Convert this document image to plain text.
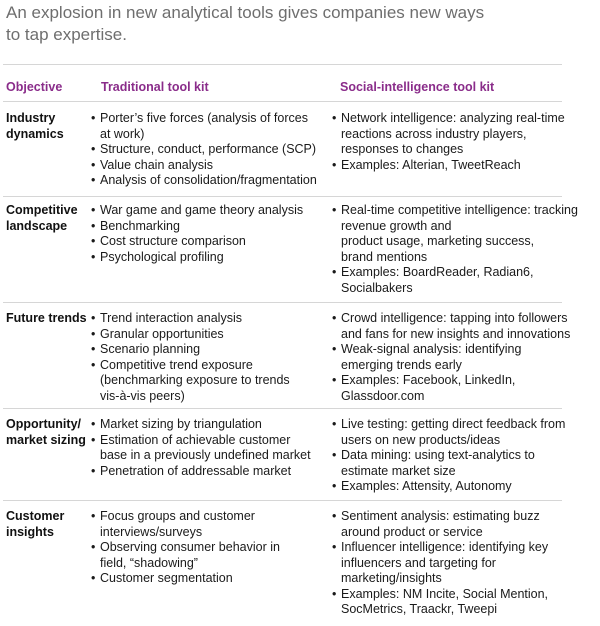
An explosion in new analytical tools gives companies new ways
to tap expertise.
Objective	Traditional tool kit	Social-intelligence tool kit
Industry
dynamics
• Porter’s five forces (analysis of forces
at work)
• Structure, conduct, performance (SCP)
• Value chain analysis
• Analysis of consolidation/fragmentation
• Network intelligence: analyzing real-time
reactions across industry players,
responses to changes
• Examples: Alterian, TweetReach
Competitive
landscape
• War game and game theory analysis
• Benchmarking
• Cost structure comparison
• Psychological profiling
• Real-time competitive intelligence: tracking
revenue growth and
product usage, marketing success,
brand mentions
• Examples: BoardReader, Radian6,
Socialbakers
Future trends
•	Trend interaction analysis
• Granular opportunities
• Scenario planning
• Competitive trend exposure
(benchmarking exposure to trends
vis-à-vis peers)
• Crowd intelligence: tapping into followers
and fans for new insights and innovations
• Weak-signal analysis: identifying
emerging trends early
• Examples: Facebook, LinkedIn,
Glassdoor.com
Opportunity/
market sizing
• Market sizing by triangulation
• Estimation of achievable customer
base in a previously undefined market
• Penetration of addressable market
• Live testing: getting direct feedback from
users on new products/ideas
• Data mining: using text-analytics to
estimate market size
• Examples: Attensity, Autonomy
Customer
insights
• Focus groups and customer
interviews/surveys
• Observing consumer behavior in
field, “shadowing”
• Customer segmentation
• Sentiment analysis: estimating buzz
around product or service
• Influencer intelligence: identifying key
influencers and targeting for
marketing/insights
• Examples: NM Incite, Social Mention,
SocMetrics, Traackr, Tweepi
